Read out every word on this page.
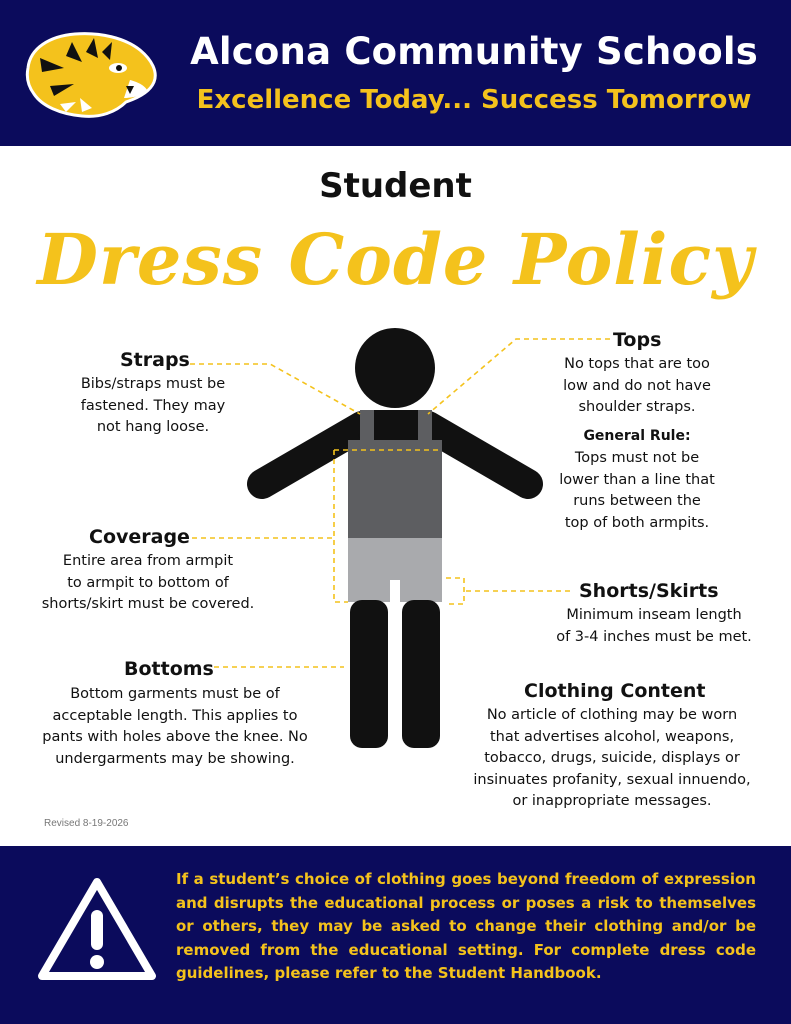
Alcona Community Schools
Excellence Today... Success Tomorrow
Student
Dress Code Policy
Straps
Bibs/straps must be
fastened. They may
not hang loose.
Coverage
Entire area from armpit
to armpit to bottom of
shorts/skirt must be covered.
Bottoms
Bottom garments must be of
acceptable length. This applies to
pants with holes above the knee. No
undergarments may be showing.
Tops
No tops that are too
low and do not have
shoulder straps.
General Rule:
Tops must not be
lower than a line that
runs between the
top of both armpits.
Shorts/Skirts
Minimum inseam length
of 3-4 inches must be met.
Clothing Content
No article of clothing may be worn
that advertises alcohol, weapons,
tobacco, drugs, suicide, displays or
insinuates profanity, sexual innuendo,
or inappropriate messages.
Revised 8-19-2026
If a student’s choice of clothing goes beyond freedom of expression and disrupts the educational process or poses a risk to themselves or others, they may be asked to change their clothing and/or be removed from the educational setting. For complete dress code guidelines, please refer to the Student Handbook.
